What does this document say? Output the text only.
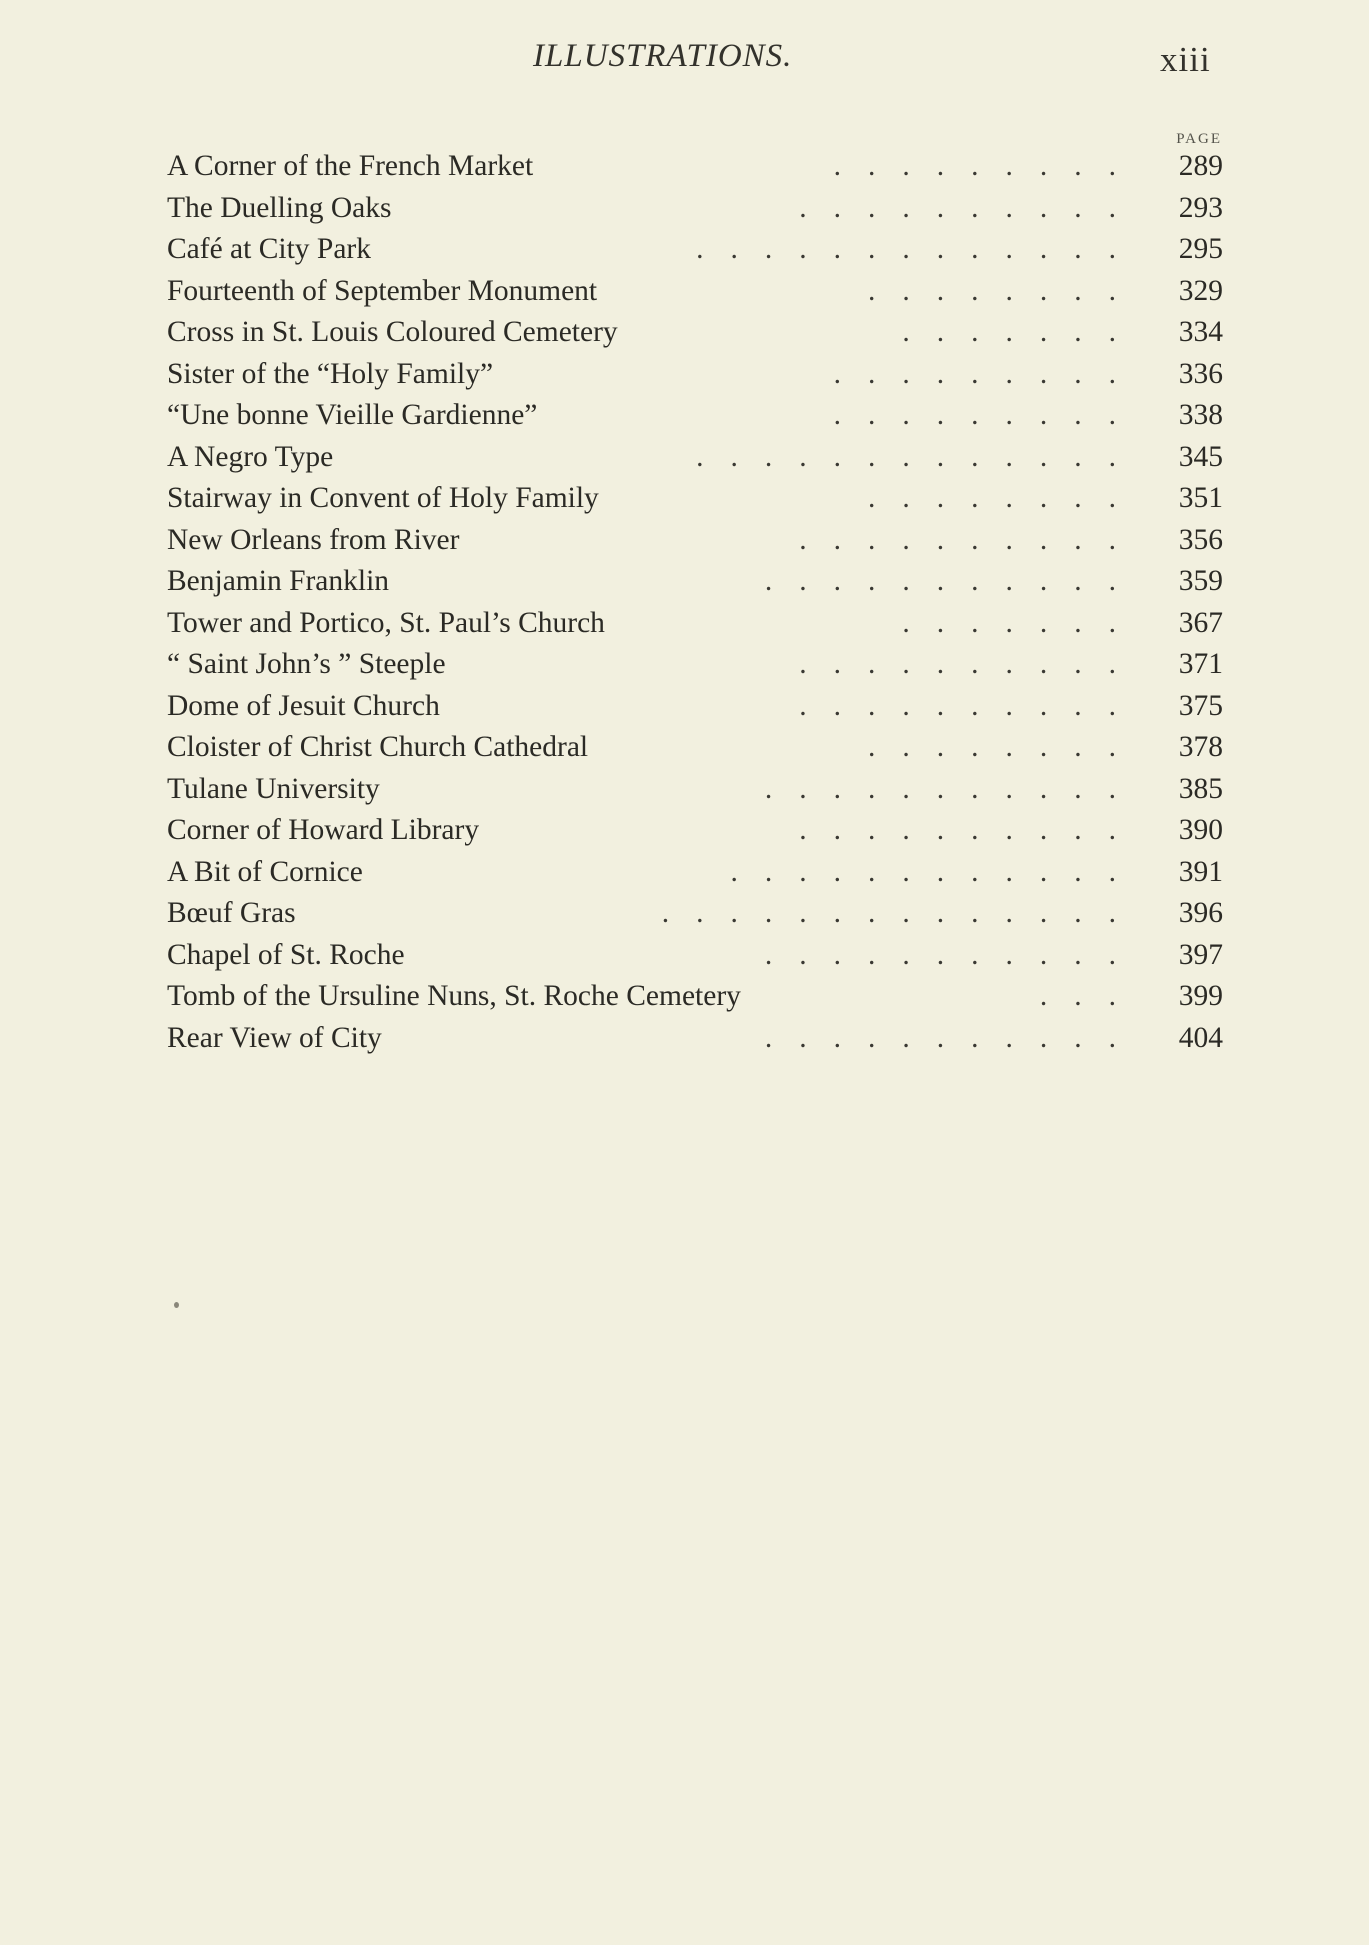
ILLUSTRATIONS.	xiii
PAGE
A Corner of the French Market	.........	289
The Duelling Oaks	..........	293
Café at City Park	.............	295
Fourteenth of September Monument	........	329
Cross in St. Louis Coloured Cemetery	.......	334
Sister of the “Holy Family”	.........	336
“Une bonne Vieille Gardienne”	.........	338
A Negro Type	.............	345
Stairway in Convent of Holy Family	........	351
New Orleans from River	..........	356
Benjamin Franklin	...........	359
Tower and Portico, St. Paul’s Church	.......	367
“ Saint John’s ” Steeple	..........	371
Dome of Jesuit Church	..........	375
Cloister of Christ Church Cathedral	........	378
Tulane University	...........	385
Corner of Howard Library	..........	390
A Bit of Cornice	............	391
Bœuf Gras	..............	396
Chapel of St. Roche	...........	397
Tomb of the Ursuline Nuns, St. Roche Cemetery	...	399
Rear View of City	...........	404
